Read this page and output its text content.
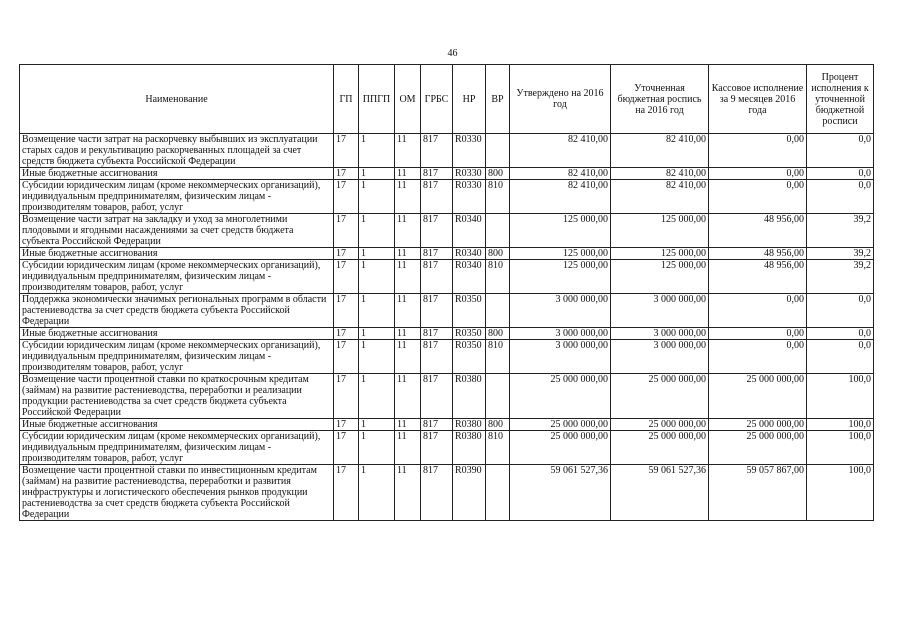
46
Наименование	ГП	ППГП	ОМ	ГРБС	НР	ВР	Утверждено на 2016 год	Уточненная бюджетная роспись на 2016 год	Кассовое исполнение за 9 месяцев 2016 года	Процент исполнения к уточненной бюджетной росписи
Возмещение части затрат на раскорчевку выбывших из эксплуатации старых садов и рекультивацию раскорчеванных площадей за счет средств бюджета субъекта Российской Федерации	17	1	11	817	R0330		82 410,00	82 410,00	0,00	0,0
Иные бюджетные ассигнования	17	1	11	817	R0330	800	82 410,00	82 410,00	0,00	0,0
Субсидии юридическим лицам (кроме некоммерческих организаций), индивидуальным предпринимателям, физическим лицам - производителям товаров, работ, услуг	17	1	11	817	R0330	810	82 410,00	82 410,00	0,00	0,0
Возмещение части затрат на закладку и уход за многолетними плодовыми и ягодными насаждениями за счет средств бюджета субъекта Российской Федерации	17	1	11	817	R0340		125 000,00	125 000,00	48 956,00	39,2
Иные бюджетные ассигнования	17	1	11	817	R0340	800	125 000,00	125 000,00	48 956,00	39,2
Субсидии юридическим лицам (кроме некоммерческих организаций), индивидуальным предпринимателям, физическим лицам - производителям товаров, работ, услуг	17	1	11	817	R0340	810	125 000,00	125 000,00	48 956,00	39,2
Поддержка экономически значимых региональных программ в области растениеводства за счет средств бюджета субъекта Российской Федерации	17	1	11	817	R0350		3 000 000,00	3 000 000,00	0,00	0,0
Иные бюджетные ассигнования	17	1	11	817	R0350	800	3 000 000,00	3 000 000,00	0,00	0,0
Субсидии юридическим лицам (кроме некоммерческих организаций), индивидуальным предпринимателям, физическим лицам - производителям товаров, работ, услуг	17	1	11	817	R0350	810	3 000 000,00	3 000 000,00	0,00	0,0
Возмещение части процентной ставки по краткосрочным кредитам (займам) на развитие растениеводства, переработки и реализации продукции растениеводства за счет средств бюджета субъекта Российской Федерации	17	1	11	817	R0380		25 000 000,00	25 000 000,00	25 000 000,00	100,0
Иные бюджетные ассигнования	17	1	11	817	R0380	800	25 000 000,00	25 000 000,00	25 000 000,00	100,0
Субсидии юридическим лицам (кроме некоммерческих организаций), индивидуальным предпринимателям, физическим лицам - производителям товаров, работ, услуг	17	1	11	817	R0380	810	25 000 000,00	25 000 000,00	25 000 000,00	100,0
Возмещение части процентной ставки по инвестиционным кредитам (займам) на развитие растениеводства, переработки и развития инфраструктуры и логистического обеспечения рынков продукции растениеводства за счет средств бюджета субъекта Российской Федерации	17	1	11	817	R0390		59 061 527,36	59 061 527,36	59 057 867,00	100,0
